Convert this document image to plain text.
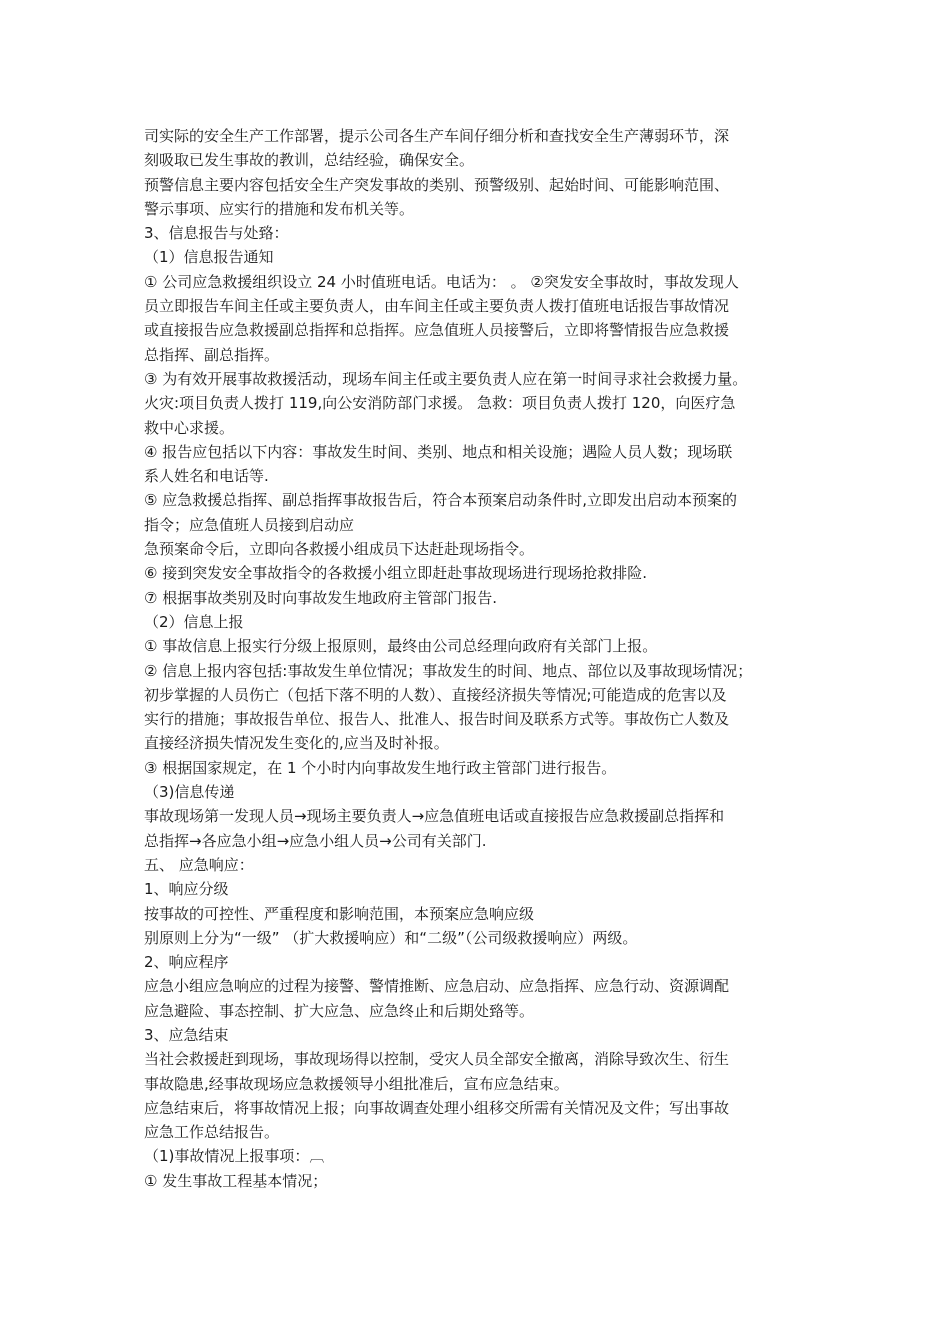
司实际的安全生产工作部署，提示公司各生产车间仔细分析和查找安全生产薄弱环节，深
刻吸取已发生事故的教训，总结经验，确保安全。
预警信息主要内容包括安全生产突发事故的类别、预警级别、起始时间、可能影响范围、
警示事项、应实行的措施和发布机关等。
3、信息报告与处臵：
（1）信息报告通知
① 公司应急救援组织设立 24 小时值班电话。电话为： 。 ②突发安全事故时，事故发现人
员立即报告车间主任或主要负责人，由车间主任或主要负责人拨打值班电话报告事故情况
或直接报告应急救援副总指挥和总指挥。应急值班人员接警后，立即将警情报告应急救援
总指挥、副总指挥。
③ 为有效开展事故救援活动，现场车间主任或主要负责人应在第一时间寻求社会救援力量。
火灾:项目负责人拨打 119,向公安消防部门求援。 急救：项目负责人拨打 120，向医疗急
救中心求援。
④ 报告应包括以下内容：事故发生时间、类别、地点和相关设施；遇险人员人数；现场联
系人姓名和电话等.
⑤ 应急救援总指挥、副总指挥事故报告后，符合本预案启动条件时,立即发出启动本预案的
指令；应急值班人员接到启动应
急预案命令后，立即向各救援小组成员下达赶赴现场指令。
⑥ 接到突发安全事故指令的各救援小组立即赶赴事故现场进行现场抢救排险.
⑦ 根据事故类别及时向事故发生地政府主管部门报告.
（2）信息上报
① 事故信息上报实行分级上报原则，最终由公司总经理向政府有关部门上报。
② 信息上报内容包括:事故发生单位情况；事故发生的时间、地点、部位以及事故现场情况；
初步掌握的人员伤亡（包括下落不明的人数）、直接经济损失等情况;可能造成的危害以及
实行的措施；事故报告单位、报告人、批准人、报告时间及联系方式等。事故伤亡人数及
直接经济损失情况发生变化的,应当及时补报。
③ 根据国家规定，在 1 个小时内向事故发生地行政主管部门进行报告。
（3)信息传递
事故现场第一发现人员→现场主要负责人→应急值班电话或直接报告应急救援副总指挥和
总指挥→各应急小组→应急小组人员→公司有关部门.
五、 应急响应：
1、响应分级
按事故的可控性、严重程度和影响范围，本预案应急响应级
别原则上分为“一级” （扩大救援响应）和“二级”（公司级救援响应）两级。
2、响应程序
应急小组应急响应的过程为接警、警情推断、应急启动、应急指挥、应急行动、资源调配
应急避险、事态控制、扩大应急、应急终止和后期处臵等。
3、应急结束
当社会救援赶到现场，事故现场得以控制，受灾人员全部安全撤离，消除导致次生、衍生
事故隐患,经事故现场应急救援领导小组批准后，宣布应急结束。
应急结束后，将事故情况上报；向事故调查处理小组移交所需有关情况及文件；写出事故
应急工作总结报告。
（1)事故情况上报事项：︹
① 发生事故工程基本情况；
